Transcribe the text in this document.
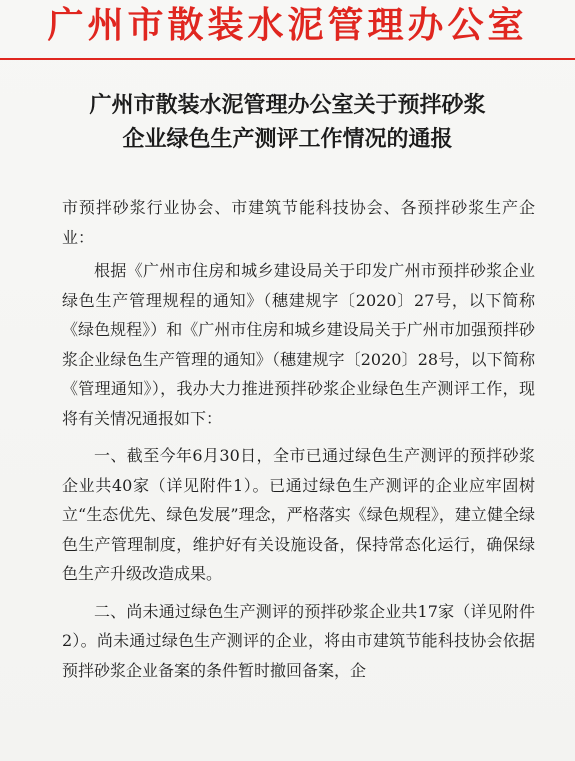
广州市散装水泥管理办公室
广州市散装水泥管理办公室关于预拌砂浆
企业绿色生产测评工作情况的通报

市预拌砂浆行业协会、市建筑节能科技协会、各预拌砂浆生产企业：

根据《广州市住房和城乡建设局关于印发广州市预拌砂浆企业绿色生产管理规程的通知》（穗建规字〔2020〕27号，以下简称《绿色规程》）和《广州市住房和城乡建设局关于广州市加强预拌砂浆企业绿色生产管理的通知》（穗建规字〔2020〕28号，以下简称《管理通知》），我办大力推进预拌砂浆企业绿色生产测评工作，现将有关情况通报如下：

一、截至今年6月30日，全市已通过绿色生产测评的预拌砂浆企业共40家（详见附件1）。已通过绿色生产测评的企业应牢固树立“生态优先、绿色发展”理念，严格落实《绿色规程》，建立健全绿色生产管理制度，维护好有关设施设备，保持常态化运行，确保绿色生产升级改造成果。

二、尚未通过绿色生产测评的预拌砂浆企业共17家（详见附件2）。尚未通过绿色生产测评的企业，将由市建筑节能科技协会依据预拌砂浆企业备案的条件暂时撤回备案，企
